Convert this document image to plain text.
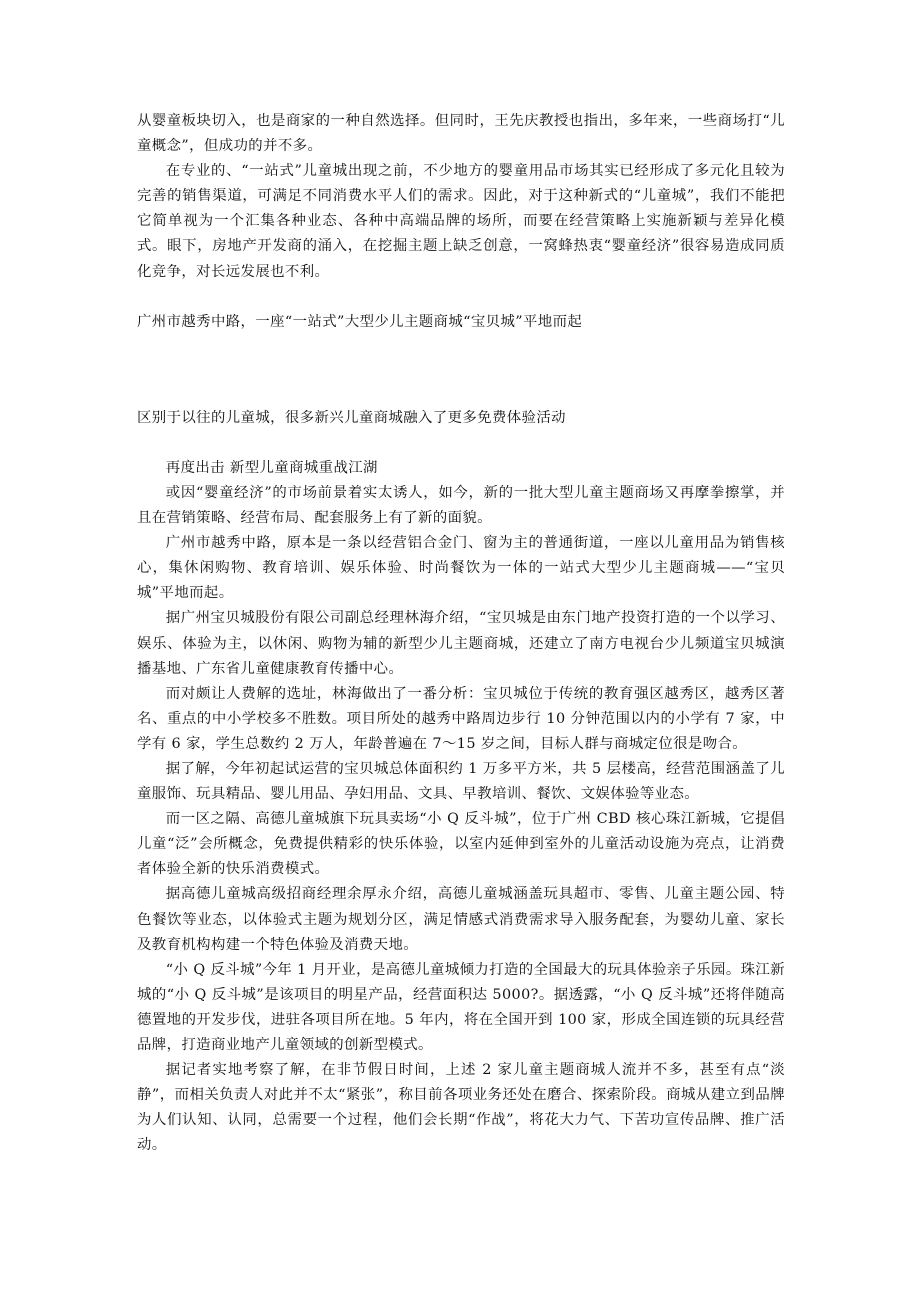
从婴童板块切入，也是商家的一种自然选择。但同时，王先庆教授也指出，多年来，一些商场打“儿童概念”，但成功的并不多。

在专业的、“一站式”儿童城出现之前，不少地方的婴童用品市场其实已经形成了多元化且较为完善的销售渠道，可满足不同消费水平人们的需求。因此，对于这种新式的“儿童城”，我们不能把它简单视为一个汇集各种业态、各种中高端品牌的场所，而要在经营策略上实施新颖与差异化模式。眼下，房地产开发商的涌入，在挖掘主题上缺乏创意，一窝蜂热衷“婴童经济”很容易造成同质化竞争，对长远发展也不利。

广州市越秀中路，一座“一站式”大型少儿主题商城“宝贝城”平地而起

区别于以往的儿童城，很多新兴儿童商城融入了更多免费体验活动

再度出击 新型儿童商城重战江湖

或因“婴童经济”的市场前景着实太诱人，如今，新的一批大型儿童主题商场又再摩拳擦掌，并且在营销策略、经营布局、配套服务上有了新的面貌。

广州市越秀中路，原本是一条以经营铝合金门、窗为主的普通街道，一座以儿童用品为销售核心，集休闲购物、教育培训、娱乐体验、时尚餐饮为一体的一站式大型少儿主题商城——“宝贝城”平地而起。

据广州宝贝城股份有限公司副总经理林海介绍，“宝贝城是由东门地产投资打造的一个以学习、娱乐、体验为主，以休闲、购物为辅的新型少儿主题商城，还建立了南方电视台少儿频道宝贝城演播基地、广东省儿童健康教育传播中心。

而对颇让人费解的选址，林海做出了一番分析：宝贝城位于传统的教育强区越秀区，越秀区著名、重点的中小学校多不胜数。项目所处的越秀中路周边步行 10 分钟范围以内的小学有 7 家，中学有 6 家，学生总数约 2 万人，年龄普遍在 7～15 岁之间，目标人群与商城定位很是吻合。

据了解，今年初起试运营的宝贝城总体面积约 1 万多平方米，共 5 层楼高，经营范围涵盖了儿童服饰、玩具精品、婴儿用品、孕妇用品、文具、早教培训、餐饮、文娱体验等业态。

而一区之隔、高德儿童城旗下玩具卖场“小 Q 反斗城”，位于广州 CBD 核心珠江新城，它提倡儿童“泛”会所概念，免费提供精彩的快乐体验，以室内延伸到室外的儿童活动设施为亮点，让消费者体验全新的快乐消费模式。

据高德儿童城高级招商经理余厚永介绍，高德儿童城涵盖玩具超市、零售、儿童主题公园、特色餐饮等业态，以体验式主题为规划分区，满足情感式消费需求导入服务配套，为婴幼儿童、家长及教育机构构建一个特色体验及消费天地。

“小 Q 反斗城”今年 1 月开业，是高德儿童城倾力打造的全国最大的玩具体验亲子乐园。珠江新城的“小 Q 反斗城”是该项目的明星产品，经营面积达 5000?。据透露，“小 Q 反斗城”还将伴随高德置地的开发步伐，进驻各项目所在地。5 年内，将在全国开到 100 家，形成全国连锁的玩具经营品牌，打造商业地产儿童领域的创新型模式。

据记者实地考察了解，在非节假日时间，上述 2 家儿童主题商城人流并不多，甚至有点“淡静”，而相关负责人对此并不太“紧张”，称目前各项业务还处在磨合、探索阶段。商城从建立到品牌为人们认知、认同，总需要一个过程，他们会长期“作战”，将花大力气、下苦功宣传品牌、推广活动。
